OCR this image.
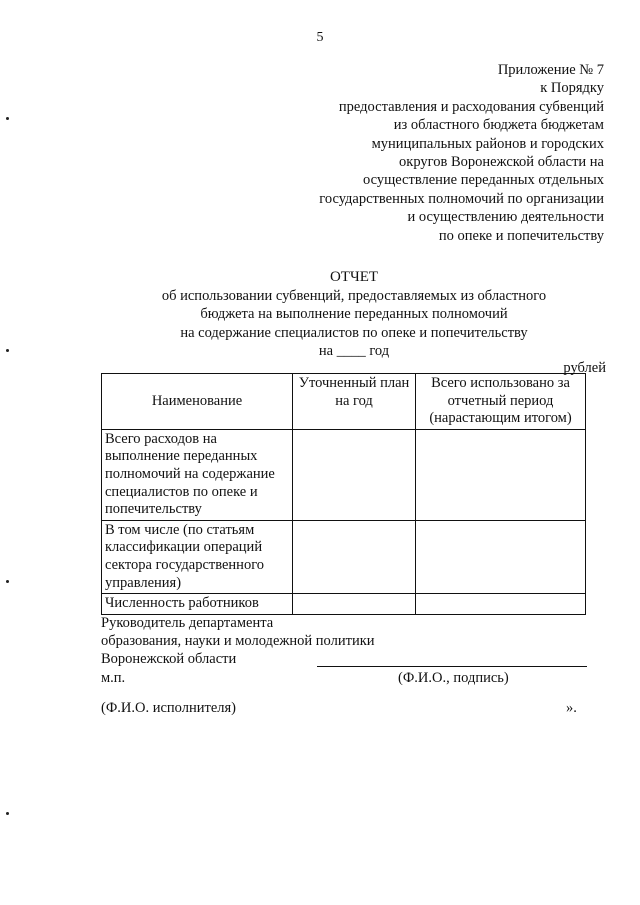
5
Приложение № 7
к Порядку
предоставления и расходования субвенций
из областного бюджета бюджетам
муниципальных районов и городских
округов Воронежской области на
осуществление переданных отдельных
государственных полномочий по организации
и осуществлению деятельности
по опеке и попечительству
ОТЧЕТ
об использовании субвенций, предоставляемых из областного
бюджета на выполнение переданных полномочий
на содержание специалистов по опеке и попечительству
на ____ год
рублей
Наименование	Уточненный план на год	Всего использовано за отчетный период (нарастающим итогом)
Всего расходов на выполнение переданных полномочий на содержание специалистов по опеке и попечительству		
В том числе (по статьям классификации операций сектора государственного управления)		
Численность работников		
Руководитель департамента
образования, науки и молодежной политики
Воронежской области
м.п.	(Ф.И.О., подпись)
(Ф.И.О. исполнителя)	».
